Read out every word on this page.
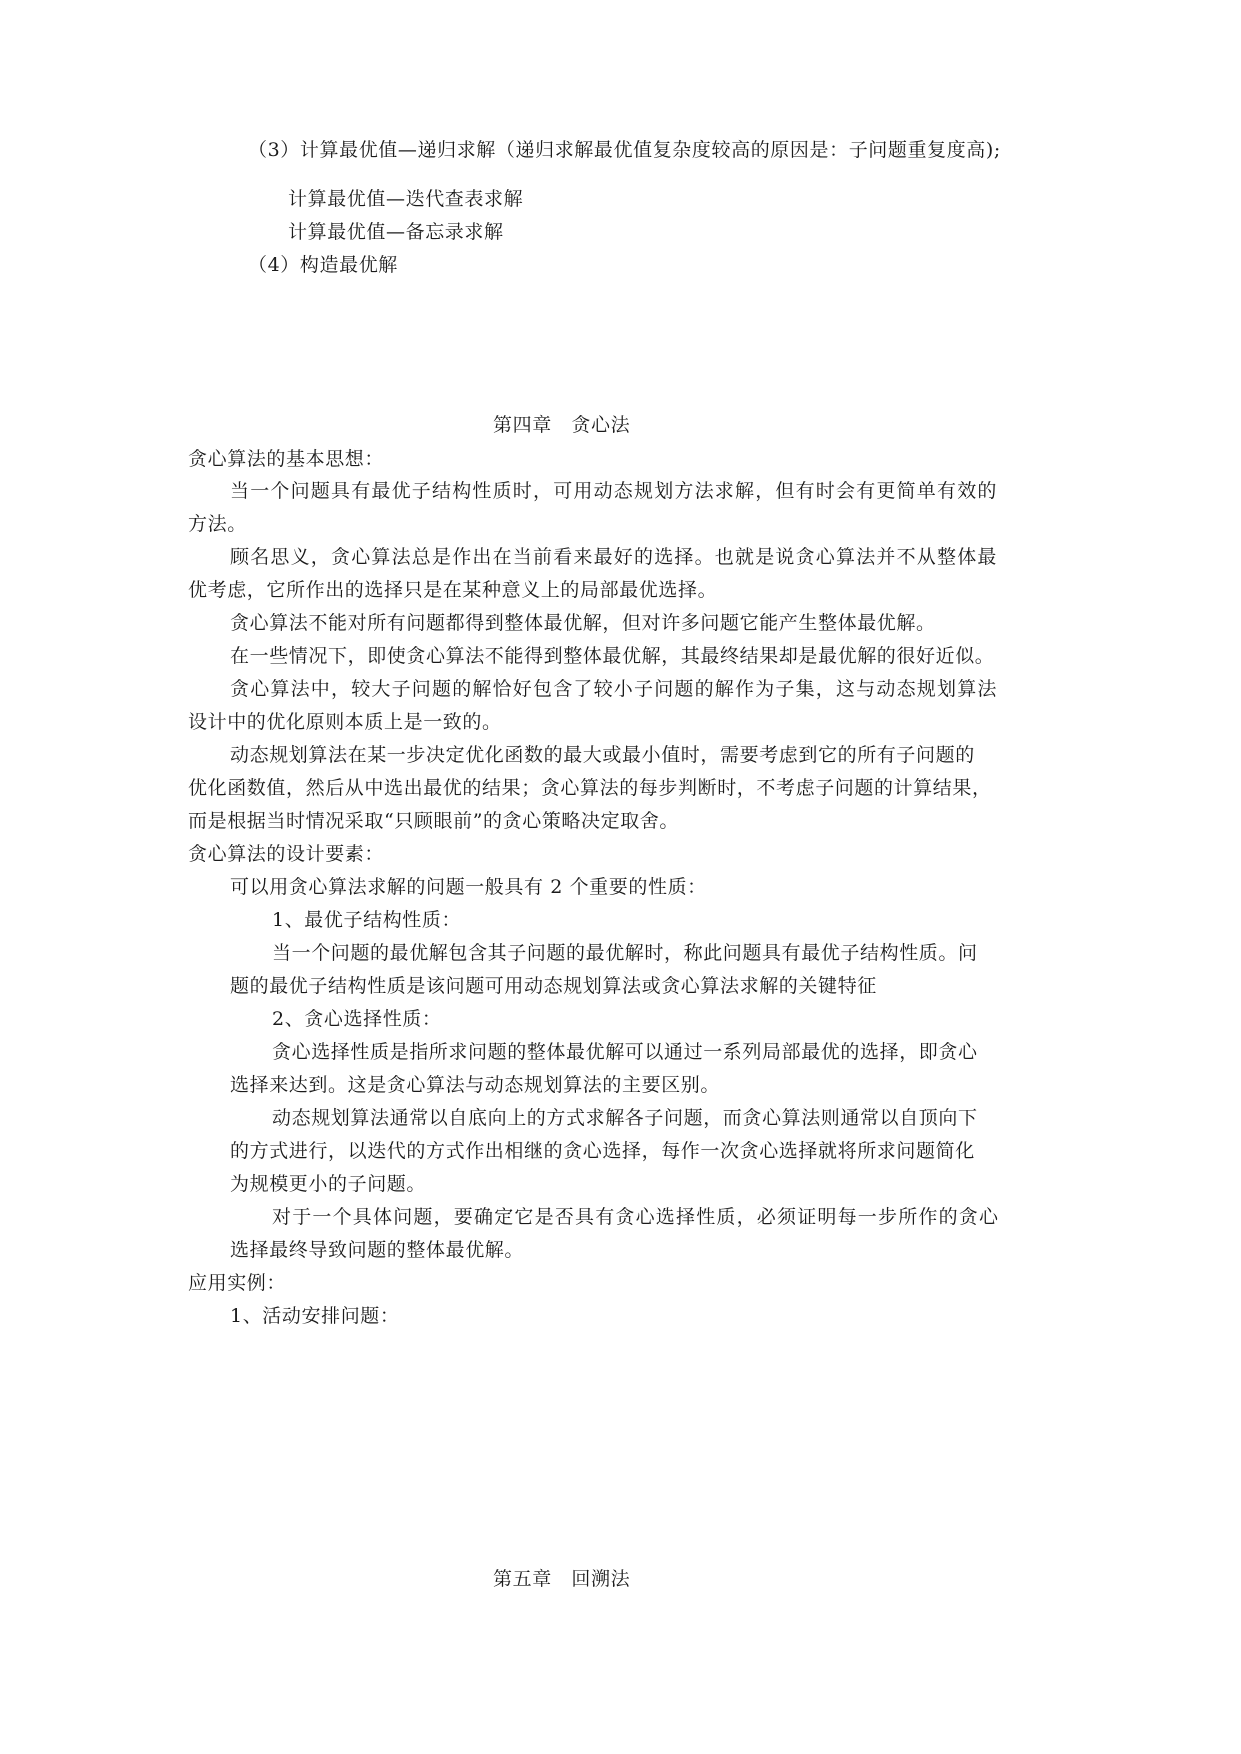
（3）计算最优值—递归求解（递归求解最优值复杂度较高的原因是：子问题重复度高);
计算最优值—迭代查表求解
计算最优值—备忘录求解
（4）构造最优解
第四章　贪心法
贪心算法的基本思想：
当一个问题具有最优子结构性质时，可用动态规划方法求解，但有时会有更简单有效的
方法。
顾名思义，贪心算法总是作出在当前看来最好的选择。也就是说贪心算法并不从整体最
优考虑，它所作出的选择只是在某种意义上的局部最优选择。
贪心算法不能对所有问题都得到整体最优解，但对许多问题它能产生整体最优解。
在一些情况下，即使贪心算法不能得到整体最优解，其最终结果却是最优解的很好近似。
贪心算法中，较大子问题的解恰好包含了较小子问题的解作为子集，这与动态规划算法
设计中的优化原则本质上是一致的。
动态规划算法在某一步决定优化函数的最大或最小值时，需要考虑到它的所有子问题的
优化函数值，然后从中选出最优的结果；贪心算法的每步判断时，不考虑子问题的计算结果，
而是根据当时情况采取“只顾眼前”的贪心策略决定取舍。
贪心算法的设计要素：
可以用贪心算法求解的问题一般具有 2 个重要的性质：
1、最优子结构性质：
当一个问题的最优解包含其子问题的最优解时，称此问题具有最优子结构性质。问
题的最优子结构性质是该问题可用动态规划算法或贪心算法求解的关键特征
2、贪心选择性质：
贪心选择性质是指所求问题的整体最优解可以通过一系列局部最优的选择，即贪心
选择来达到。这是贪心算法与动态规划算法的主要区别。
动态规划算法通常以自底向上的方式求解各子问题，而贪心算法则通常以自顶向下
的方式进行，以迭代的方式作出相继的贪心选择，每作一次贪心选择就将所求问题简化
为规模更小的子问题。
对于一个具体问题，要确定它是否具有贪心选择性质，必须证明每一步所作的贪心
选择最终导致问题的整体最优解。
应用实例：
1、活动安排问题：
第五章　回溯法
